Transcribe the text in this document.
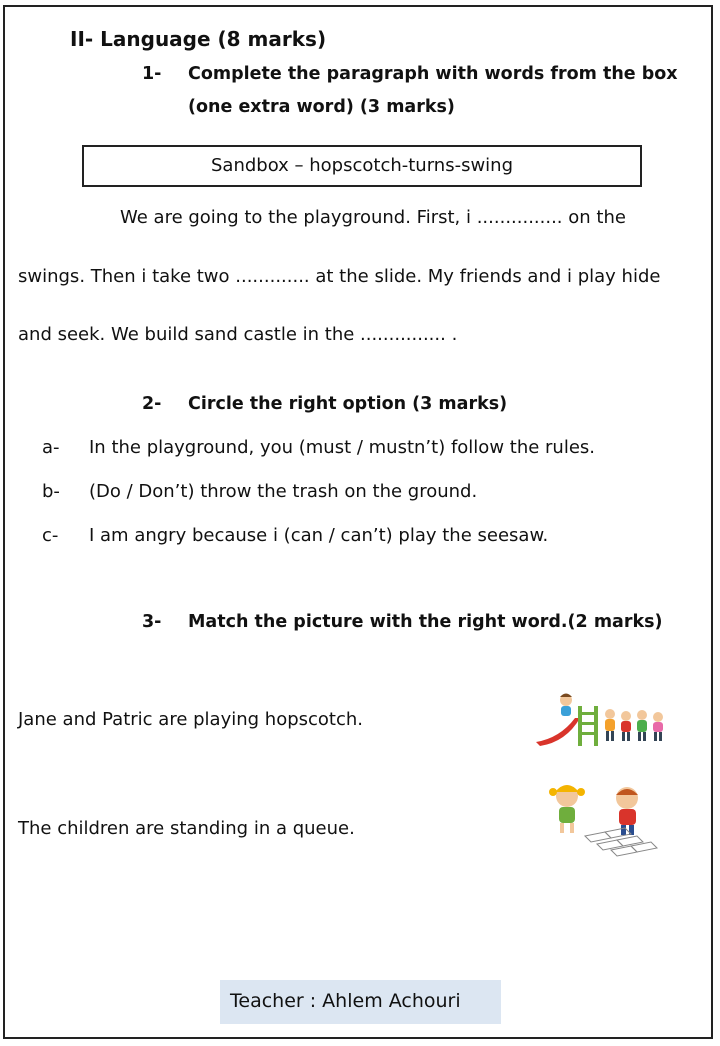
II- Language (8 marks)
1- Complete the paragraph with words from the box
(one extra word) (3 marks)
Sandbox – hopscotch-turns-swing
We are going to the playground. First, i ............... on the
swings. Then i take two ............. at the slide. My friends and i play hide
and seek. We build sand castle in the ............... .
2- Circle the right option (3 marks)
a- In the playground, you (must / mustn’t) follow the rules.
b- (Do / Don’t) throw the trash on the ground.
c- I am angry because i (can / can’t) play the seesaw.
3- Match the picture with the right word.(2 marks)
Jane and Patric are playing hopscotch.
The children are standing in a queue.
Teacher : Ahlem Achouri
